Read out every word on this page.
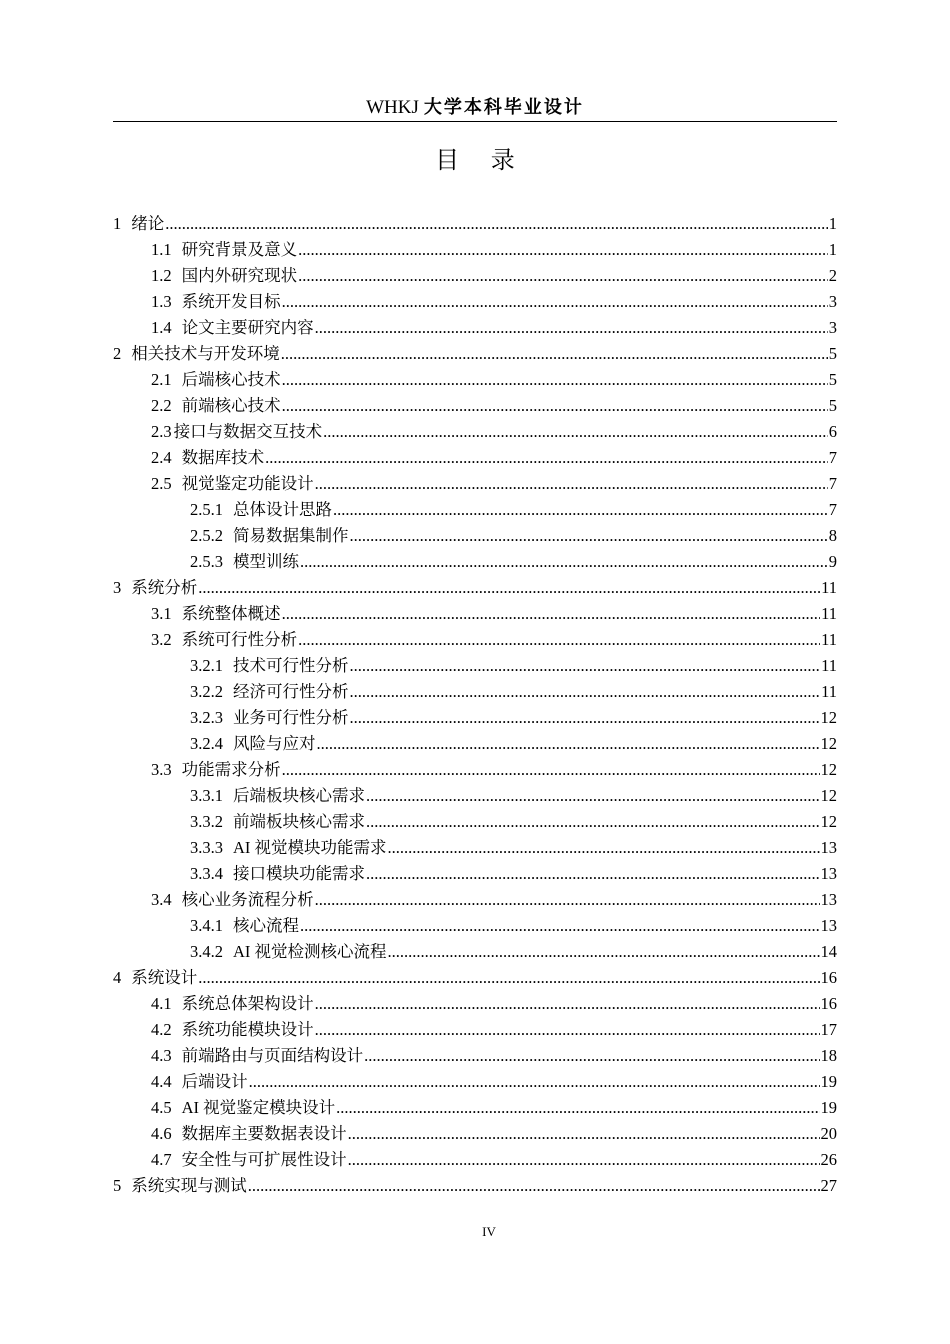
WHKJ 大学本科毕业设计
目 录
1 绪论 .....	1
1.1 研究背景及意义 .....	1
1.2 国内外研究现状 .....	2
1.3 系统开发目标 .....	3
1.4 论文主要研究内容 .....	3
2 相关技术与开发环境 .....	5
2.1 后端核心技术 .....	5
2.2 前端核心技术 .....	5
2.3 接口与数据交互技术 .....	6
2.4 数据库技术 .....	7
2.5 视觉鉴定功能设计 .....	7
2.5.1 总体设计思路 .....	7
2.5.2 简易数据集制作 .....	8
2.5.3 模型训练 .....	9
3 系统分析 .....	11
3.1 系统整体概述 .....	11
3.2 系统可行性分析 .....	11
3.2.1 技术可行性分析 .....	11
3.2.2 经济可行性分析 .....	11
3.2.3 业务可行性分析 .....	12
3.2.4 风险与应对 .....	12
3.3 功能需求分析 .....	12
3.3.1 后端板块核心需求 .....	12
3.3.2 前端板块核心需求 .....	12
3.3.3 AI 视觉模块功能需求 .....	13
3.3.4 接口模块功能需求 .....	13
3.4 核心业务流程分析 .....	13
3.4.1 核心流程 .....	13
3.4.2 AI 视觉检测核心流程 .....	14
4 系统设计 .....	16
4.1 系统总体架构设计 .....	16
4.2 系统功能模块设计 .....	17
4.3 前端路由与页面结构设计 .....	18
4.4 后端设计 .....	19
4.5 AI 视觉鉴定模块设计 .....	19
4.6 数据库主要数据表设计 .....	20
4.7 安全性与可扩展性设计 .....	26
5 系统实现与测试 .....	27
IV
